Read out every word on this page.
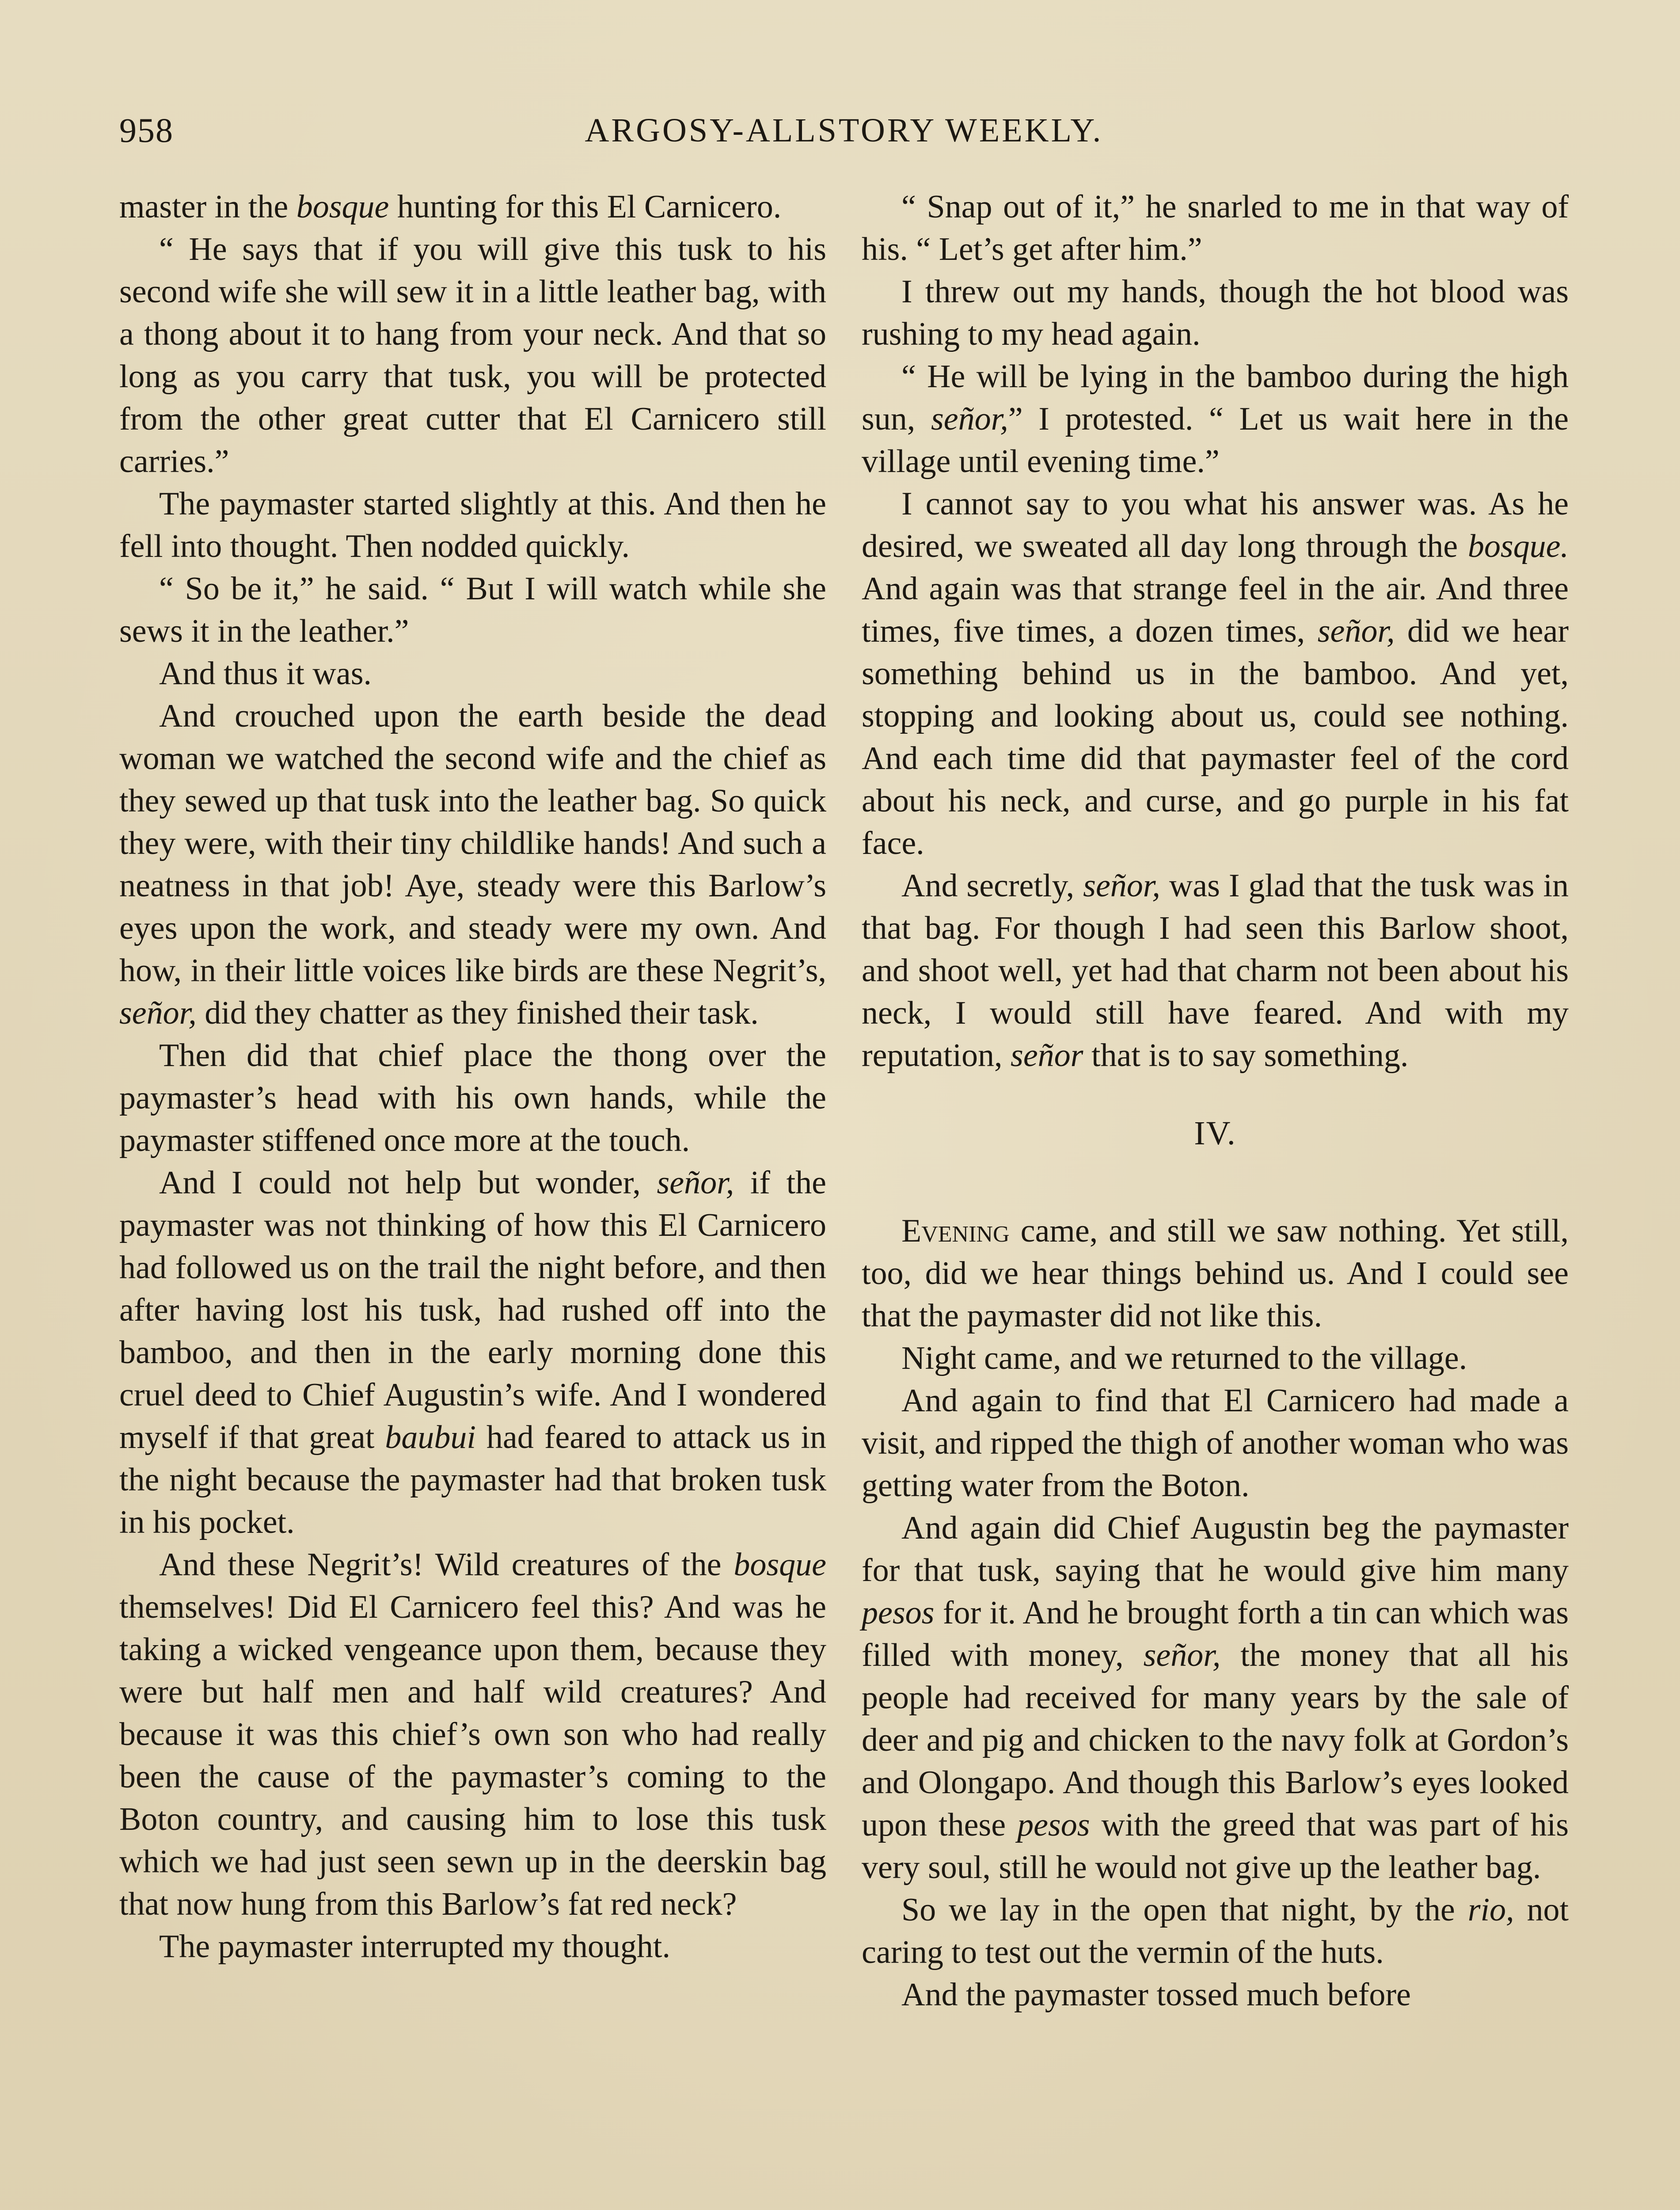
958	ARGOSY-ALLSTORY WEEKLY.

master in the bosque hunting for this El Carnicero.

“ He says that if you will give this tusk to his second wife she will sew it in a little leather bag, with a thong about it to hang from your neck. And that so long as you carry that tusk, you will be protected from the other great cutter that El Carnicero still carries.”

The paymaster started slightly at this. And then he fell into thought. Then nodded quickly.

“ So be it,” he said. “ But I will watch while she sews it in the leather.”

And thus it was.

And crouched upon the earth beside the dead woman we watched the second wife and the chief as they sewed up that tusk into the leather bag. So quick they were, with their tiny childlike hands! And such a neatness in that job! Aye, steady were this Barlow’s eyes upon the work, and steady were my own. And how, in their little voices like birds are these Negrit’s, señor, did they chatter as they finished their task.

Then did that chief place the thong over the paymaster’s head with his own hands, while the paymaster stiffened once more at the touch.

And I could not help but wonder, señor, if the paymaster was not thinking of how this El Carnicero had followed us on the trail the night before, and then after having lost his tusk, had rushed off into the bamboo, and then in the early morning done this cruel deed to Chief Augustin’s wife. And I wondered myself if that great baubui had feared to attack us in the night because the paymaster had that broken tusk in his pocket.

And these Negrit’s! Wild creatures of the bosque themselves! Did El Carnicero feel this? And was he taking a wicked vengeance upon them, because they were but half men and half wild creatures? And because it was this chief’s own son who had really been the cause of the paymaster’s coming to the Boton country, and causing him to lose this tusk which we had just seen sewn up in the deerskin bag that now hung from this Barlow’s fat red neck?

The paymaster interrupted my thought.

“ Snap out of it,” he snarled to me in that way of his. “ Let’s get after him.”

I threw out my hands, though the hot blood was rushing to my head again.

“ He will be lying in the bamboo during the high sun, señor,” I protested. “ Let us wait here in the village until evening time.”

I cannot say to you what his answer was. As he desired, we sweated all day long through the bosque. And again was that strange feel in the air. And three times, five times, a dozen times, señor, did we hear something behind us in the bamboo. And yet, stopping and looking about us, could see nothing. And each time did that paymaster feel of the cord about his neck, and curse, and go purple in his fat face.

And secretly, señor, was I glad that the tusk was in that bag. For though I had seen this Barlow shoot, and shoot well, yet had that charm not been about his neck, I would still have feared. And with my reputation, señor that is to say something.

IV.

Evening came, and still we saw nothing. Yet still, too, did we hear things behind us. And I could see that the paymaster did not like this.

Night came, and we returned to the village.

And again to find that El Carnicero had made a visit, and ripped the thigh of another woman who was getting water from the Boton.

And again did Chief Augustin beg the paymaster for that tusk, saying that he would give him many pesos for it. And he brought forth a tin can which was filled with money, señor, the money that all his people had received for many years by the sale of deer and pig and chicken to the navy folk at Gordon’s and Olongapo. And though this Barlow’s eyes looked upon these pesos with the greed that was part of his very soul, still he would not give up the leather bag.

So we lay in the open that night, by the rio, not caring to test out the vermin of the huts.

And the paymaster tossed much before
